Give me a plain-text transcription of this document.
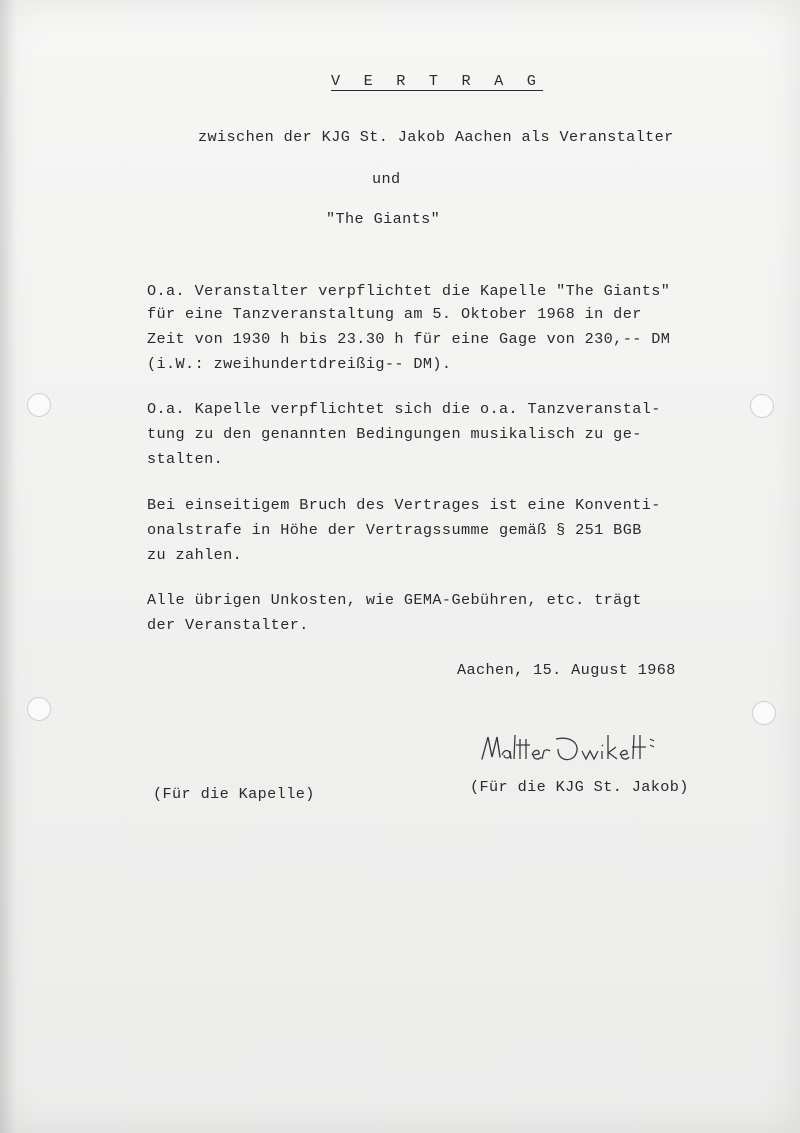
V E R T R A G
zwischen der KJG St. Jakob Aachen als Veranstalter
und
"The Giants"
O.a. Veranstalter verpflichtet die Kapelle "The Giants"
für eine Tanzveranstaltung am 5. Oktober 1968 in der
Zeit von 1930 h bis 23.30 h für eine Gage von 230,-- DM
(i.W.: zweihundertdreißig-- DM).
O.a. Kapelle verpflichtet sich die o.a. Tanzveranstal-
tung zu den genannten Bedingungen musikalisch zu ge-
stalten.
Bei einseitigem Bruch des Vertrages ist eine Konventi-
onalstrafe in Höhe der Vertragssumme gemäß § 251 BGB
zu zahlen.
Alle übrigen Unkosten, wie GEMA-Gebühren, etc. trägt
der Veranstalter.
Aachen, 15. August 1968
(Für die Kapelle)	(Für die KJG St. Jakob)
